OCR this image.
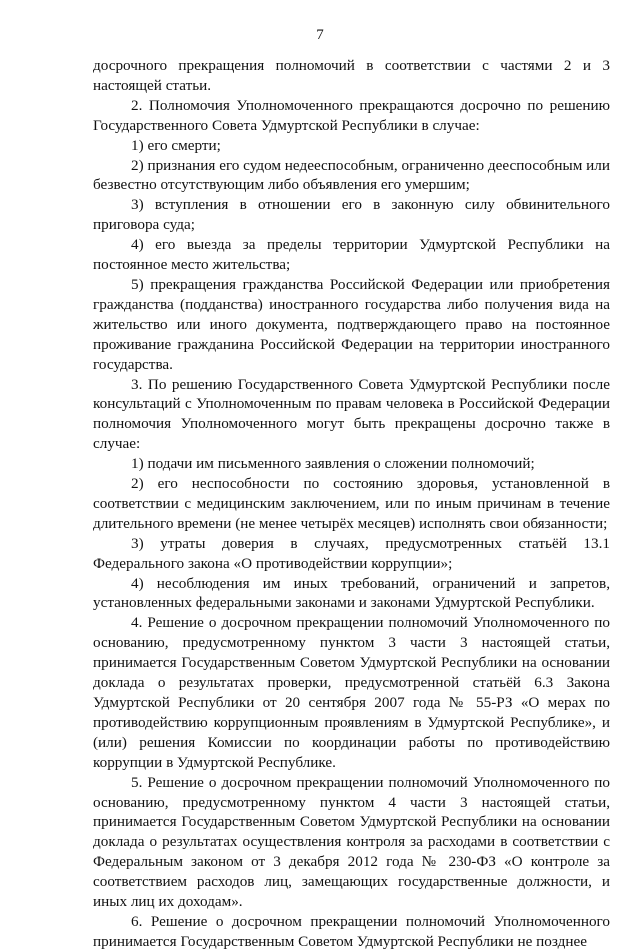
7

досрочного прекращения полномочий в соответствии с частями 2 и 3 настоящей статьи.

2. Полномочия Уполномоченного прекращаются досрочно по решению Государственного Совета Удмуртской Республики в случае:

1) его смерти;

2) признания его судом недееспособным, ограниченно дееспособным или безвестно отсутствующим либо объявления его умершим;

3) вступления в отношении его в законную силу обвинительного приговора суда;

4) его выезда за пределы территории Удмуртской Республики на постоянное место жительства;

5) прекращения гражданства Российской Федерации или приобретения гражданства (подданства) иностранного государства либо получения вида на жительство или иного документа, подтверждающего право на постоянное проживание гражданина Российской Федерации на территории иностранного государства.

3. По решению Государственного Совета Удмуртской Республики после консультаций с Уполномоченным по правам человека в Российской Федерации полномочия Уполномоченного могут быть прекращены досрочно также в случае:

1) подачи им письменного заявления о сложении полномочий;

2) его неспособности по состоянию здоровья, установленной в соответствии с медицинским заключением, или по иным причинам в течение длительного времени (не менее четырёх месяцев) исполнять свои обязанности;

3) утраты доверия в случаях, предусмотренных статьёй 13.1 Федерального закона «О противодействии коррупции»;

4) несоблюдения им иных требований, ограничений и запретов, установленных федеральными законами и законами Удмуртской Республики.

4. Решение о досрочном прекращении полномочий Уполномоченного по основанию, предусмотренному пунктом 3 части 3 настоящей статьи, принимается Государственным Советом Удмуртской Республики на основании доклада о результатах проверки, предусмотренной статьёй 6.3 Закона Удмуртской Республики от 20 сентября 2007 года № 55-РЗ «О мерах по противодействию коррупционным проявлениям в Удмуртской Республике», и (или) решения Комиссии по координации работы по противодействию коррупции в Удмуртской Республике.

5. Решение о досрочном прекращении полномочий Уполномоченного по основанию, предусмотренному пунктом 4 части 3 настоящей статьи, принимается Государственным Советом Удмуртской Республики на основании доклада о результатах осуществления контроля за расходами в соответствии с Федеральным законом от 3 декабря 2012 года № 230-ФЗ «О контроле за соответствием расходов лиц, замещающих государственные должности, и иных лиц их доходам».

6. Решение о досрочном прекращении полномочий Уполномоченного принимается Государственным Советом Удмуртской Республики не позднее
